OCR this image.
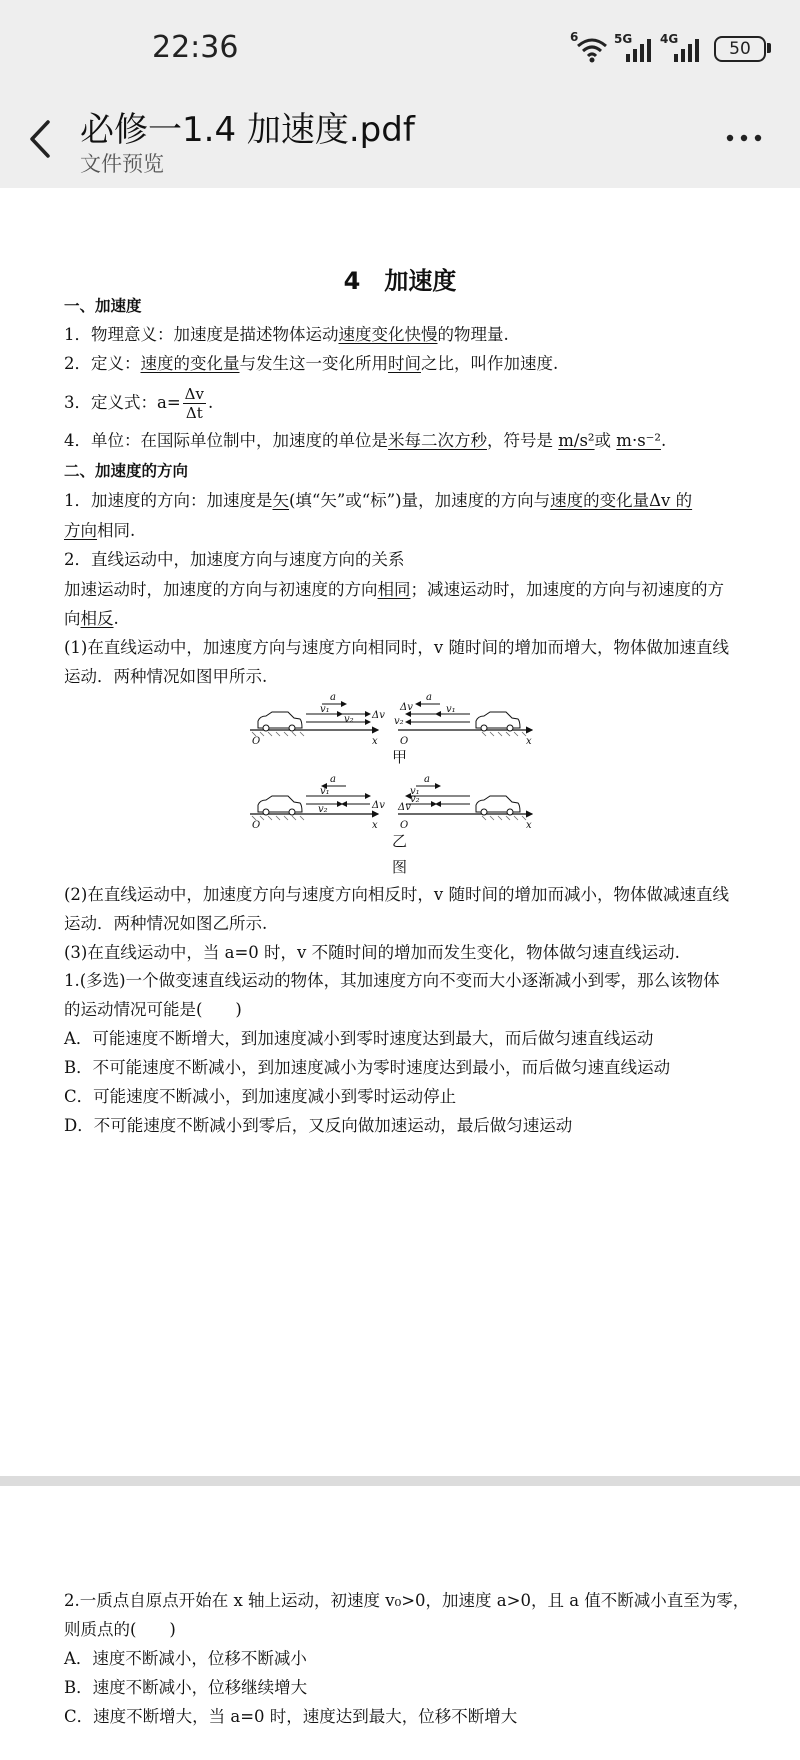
22:36	6	5G 4G	50
必修一1.4 加速度.pdf
文件预览
4　加速度
一、加速度
1．物理意义：加速度是描述物体运动速度变化快慢的物理量.
2．定义：速度的变化量与发生这一变化所用时间之比，叫作加速度.
3．定义式：$a= \frac{\Delta v}{\Delta t}$ .
4．单位：在国际单位制中，加速度的单位是米每二次方秒，符号是 m/s²或 m·s⁻².
二、加速度的方向
1．加速度的方向：加速度是矢(填“矢”或“标”)量，加速度的方向与速度的变化量Δv 的
方向相同.
2．直线运动中，加速度方向与速度方向的关系
加速运动时，加速度的方向与初速度的方向相同；减速运动时，加速度的方向与初速度的方
向相反.
(1)在直线运动中，加速度方向与速度方向相同时，v 随时间的增加而增大，物体做加速直线
运动．两种情况如图甲所示.
a
v₁
v₂ Δv
O	x
a
v₁
v₂
Δv
O	x
a
v₁
v₂	Δv
O	x
a
v₁
v₂
Δv
O	x
甲
乙
图
(2)在直线运动中，加速度方向与速度方向相反时，v 随时间的增加而减小，物体做减速直线
运动．两种情况如图乙所示.
(3)在直线运动中，当 a=0 时，v 不随时间的增加而发生变化，物体做匀速直线运动.
1.(多选)一个做变速直线运动的物体，其加速度方向不变而大小逐渐减小到零，那么该物体
的运动情况可能是(　　)
A．可能速度不断增大，到加速度减小到零时速度达到最大，而后做匀速直线运动
B．不可能速度不断减小，到加速度减小为零时速度达到最小，而后做匀速直线运动
C．可能速度不断减小，到加速度减小到零时运动停止
D．不可能速度不断减小到零后，又反向做加速运动，最后做匀速运动
2.一质点自原点开始在 x 轴上运动，初速度 v₀>0，加速度 a>0，且 a 值不断减小直至为零，
则质点的(　　)
A．速度不断减小，位移不断减小
B．速度不断减小，位移继续增大
C．速度不断增大，当 a=0 时，速度达到最大，位移不断增大
